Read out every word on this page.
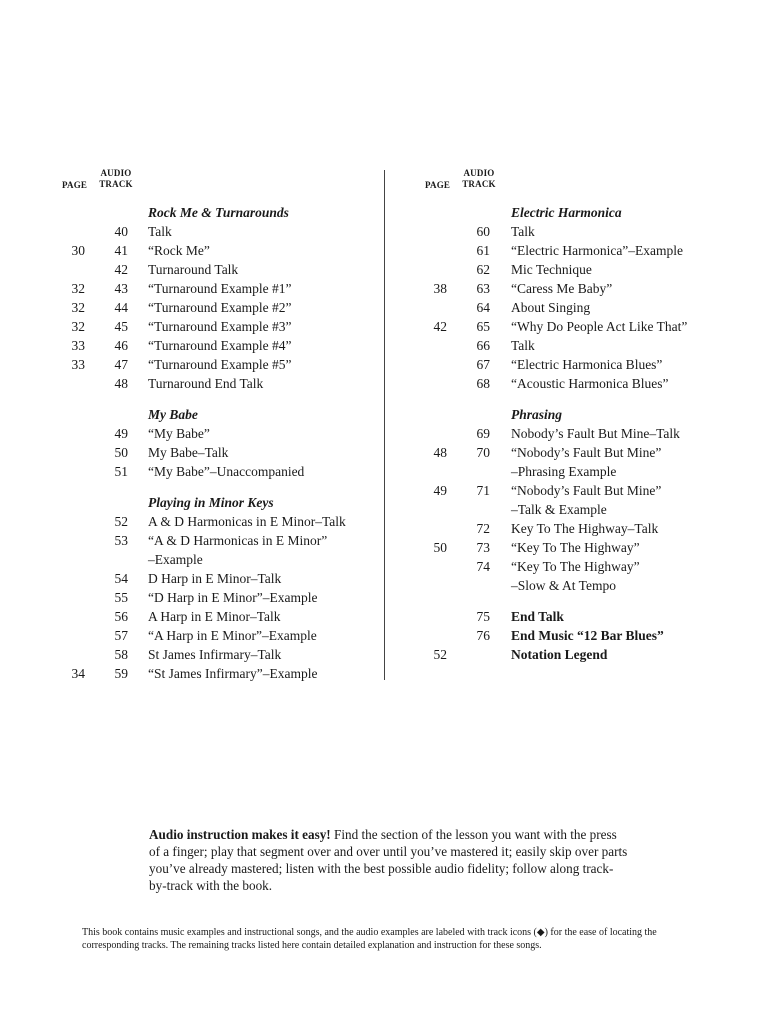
PAGE
AUDIO
TRACK
Rock Me & Turnarounds
40 Talk
30 41 “Rock Me”
42 Turnaround Talk
32 43 “Turnaround Example #1”
32 44 “Turnaround Example #2”
32 45 “Turnaround Example #3”
33 46 “Turnaround Example #4”
33 47 “Turnaround Example #5”
48 Turnaround End Talk
My Babe
49 “My Babe”
50 My Babe–Talk
51 “My Babe”–Unaccompanied
Playing in Minor Keys
52 A & D Harmonicas in E Minor–Talk
53 “A & D Harmonicas in E Minor”
–Example
54 D Harp in E Minor–Talk
55 “D Harp in E Minor”–Example
56 A Harp in E Minor–Talk
57 “A Harp in E Minor”–Example
58 St James Infirmary–Talk
34 59 “St James Infirmary”–Example
PAGE
AUDIO
TRACK
Electric Harmonica
60 Talk
61 “Electric Harmonica”–Example
62 Mic Technique
38 63 “Caress Me Baby”
64 About Singing
42 65 “Why Do People Act Like That”
66 Talk
67 “Electric Harmonica Blues”
68 “Acoustic Harmonica Blues”
Phrasing
69 Nobody’s Fault But Mine–Talk
48 70 “Nobody’s Fault But Mine”
–Phrasing Example
49 71 “Nobody’s Fault But Mine”
–Talk & Example
72 Key To The Highway–Talk
50 73 “Key To The Highway”
74 “Key To The Highway”
–Slow & At Tempo
75 End Talk
76 End Music “12 Bar Blues”
52	Notation Legend
Audio instruction makes it easy! Find the section of the lesson you want with the press of a finger; play that segment over and over until you’ve mastered it; easily skip over parts you’ve already mastered; listen with the best possible audio fidelity; follow along track-by-track with the book.
This book contains music examples and instructional songs, and the audio examples are labeled with track icons (◆) for the ease of locating the corresponding tracks. The remaining tracks listed here contain detailed explanation and instruction for these songs.
